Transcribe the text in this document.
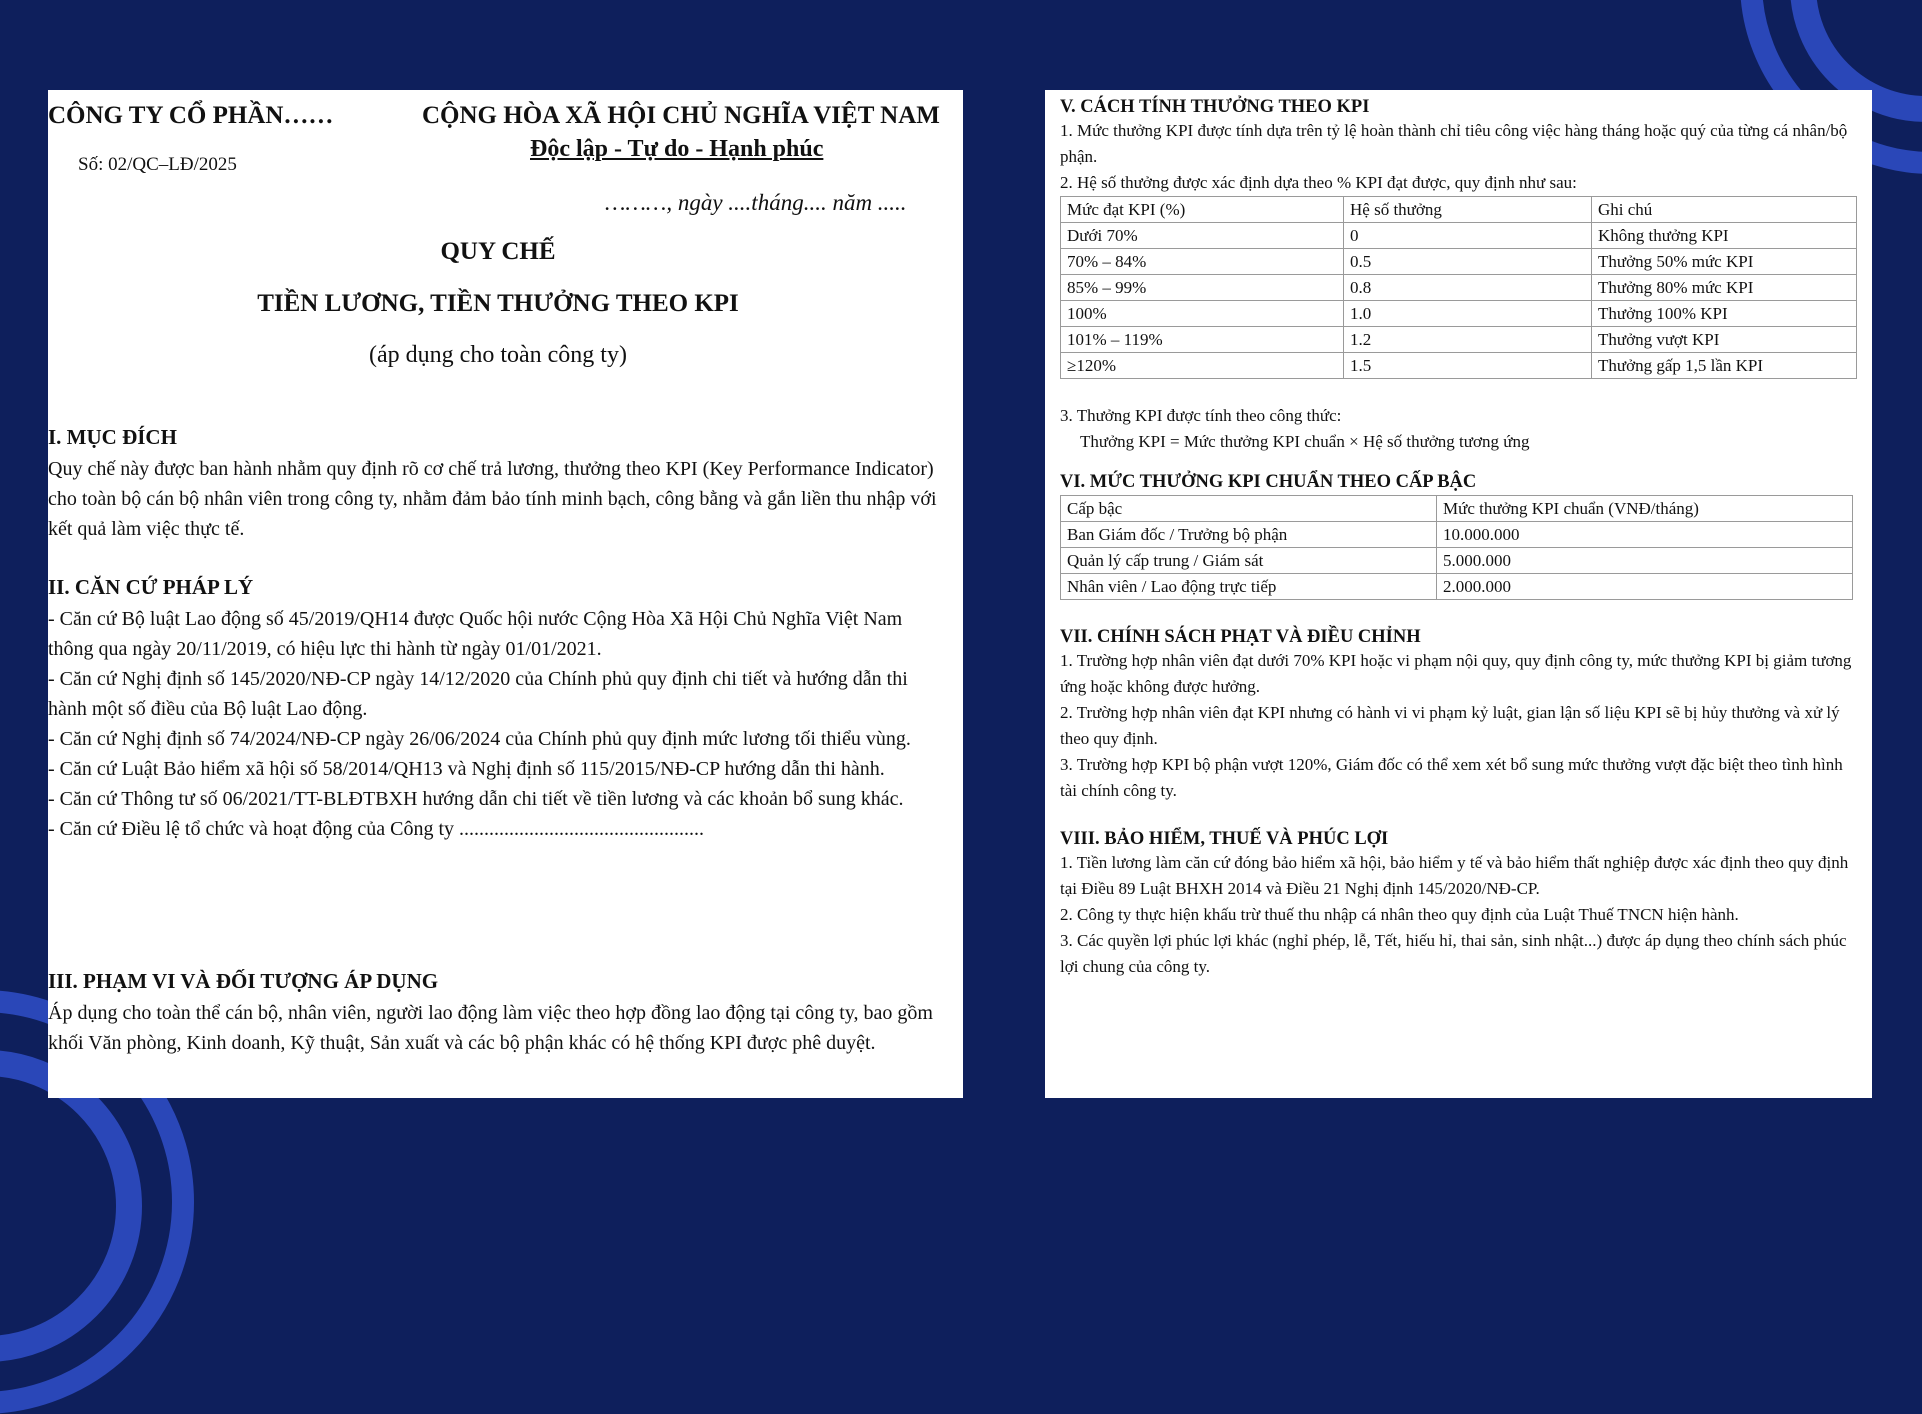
CÔNG TY CỔ PHẦN……
Số: 02/QC–LĐ/2025
CỘNG HÒA XÃ HỘI CHỦ NGHĨA VIỆT NAM
Độc lập - Tự do - Hạnh phúc
………, ngày ....tháng.... năm .....
QUY CHẾ
TIỀN LƯƠNG, TIỀN THƯỞNG THEO KPI
(áp dụng cho toàn công ty)
I. MỤC ĐÍCH

Quy chế này được ban hành nhằm quy định rõ cơ chế trả lương, thưởng theo KPI (Key Performance Indicator) cho toàn bộ cán bộ nhân viên trong công ty, nhằm đảm bảo tính minh bạch, công bằng và gắn liền thu nhập với kết quả làm việc thực tế.

II. CĂN CỨ PHÁP LÝ

- Căn cứ Bộ luật Lao động số 45/2019/QH14 được Quốc hội nước Cộng Hòa Xã Hội Chủ Nghĩa Việt Nam thông qua ngày 20/11/2019, có hiệu lực thi hành từ ngày 01/01/2021.

- Căn cứ Nghị định số 145/2020/NĐ-CP ngày 14/12/2020 của Chính phủ quy định chi tiết và hướng dẫn thi hành một số điều của Bộ luật Lao động.

- Căn cứ Nghị định số 74/2024/NĐ-CP ngày 26/06/2024 của Chính phủ quy định mức lương tối thiểu vùng.

- Căn cứ Luật Bảo hiểm xã hội số 58/2014/QH13 và Nghị định số 115/2015/NĐ-CP hướng dẫn thi hành.

- Căn cứ Thông tư số 06/2021/TT-BLĐTBXH hướng dẫn chi tiết về tiền lương và các khoản bổ sung khác.

- Căn cứ Điều lệ tổ chức và hoạt động của Công ty .................................................

III. PHẠM VI VÀ ĐỐI TƯỢNG ÁP DỤNG

Áp dụng cho toàn thể cán bộ, nhân viên, người lao động làm việc theo hợp đồng lao động tại công ty, bao gồm khối Văn phòng, Kinh doanh, Kỹ thuật, Sản xuất và các bộ phận khác có hệ thống KPI được phê duyệt.

V. CÁCH TÍNH THƯỞNG THEO KPI

1. Mức thưởng KPI được tính dựa trên tỷ lệ hoàn thành chỉ tiêu công việc hàng tháng hoặc quý của từng cá nhân/bộ phận.

2. Hệ số thưởng được xác định dựa theo % KPI đạt được, quy định như sau:

Mức đạt KPI (%)	Hệ số thưởng	Ghi chú
Dưới 70%	0	Không thưởng KPI
70% – 84%	0.5	Thưởng 50% mức KPI
85% – 99%	0.8	Thưởng 80% mức KPI
100%	1.0	Thưởng 100% KPI
101% – 119%	1.2	Thưởng vượt KPI
≥120%	1.5	Thưởng gấp 1,5 lần KPI

3. Thưởng KPI được tính theo công thức:

Thưởng KPI = Mức thưởng KPI chuẩn × Hệ số thưởng tương ứng

VI. MỨC THƯỞNG KPI CHUẨN THEO CẤP BẬC
Cấp bậc	Mức thưởng KPI chuẩn (VNĐ/tháng)
Ban Giám đốc / Trưởng bộ phận	10.000.000
Quản lý cấp trung / Giám sát	5.000.000
Nhân viên / Lao động trực tiếp	2.000.000
VII. CHÍNH SÁCH PHẠT VÀ ĐIỀU CHỈNH

1. Trường hợp nhân viên đạt dưới 70% KPI hoặc vi phạm nội quy, quy định công ty, mức thưởng KPI bị giảm tương ứng hoặc không được hưởng.

2. Trường hợp nhân viên đạt KPI nhưng có hành vi vi phạm kỷ luật, gian lận số liệu KPI sẽ bị hủy thưởng và xử lý theo quy định.

3. Trường hợp KPI bộ phận vượt 120%, Giám đốc có thể xem xét bổ sung mức thưởng vượt đặc biệt theo tình hình tài chính công ty.

VIII. BẢO HIỂM, THUẾ VÀ PHÚC LỢI

1. Tiền lương làm căn cứ đóng bảo hiểm xã hội, bảo hiểm y tế và bảo hiểm thất nghiệp được xác định theo quy định tại Điều 89 Luật BHXH 2014 và Điều 21 Nghị định 145/2020/NĐ-CP.

2. Công ty thực hiện khấu trừ thuế thu nhập cá nhân theo quy định của Luật Thuế TNCN hiện hành.

3. Các quyền lợi phúc lợi khác (nghỉ phép, lễ, Tết, hiếu hỉ, thai sản, sinh nhật...) được áp dụng theo chính sách phúc lợi chung của công ty.
